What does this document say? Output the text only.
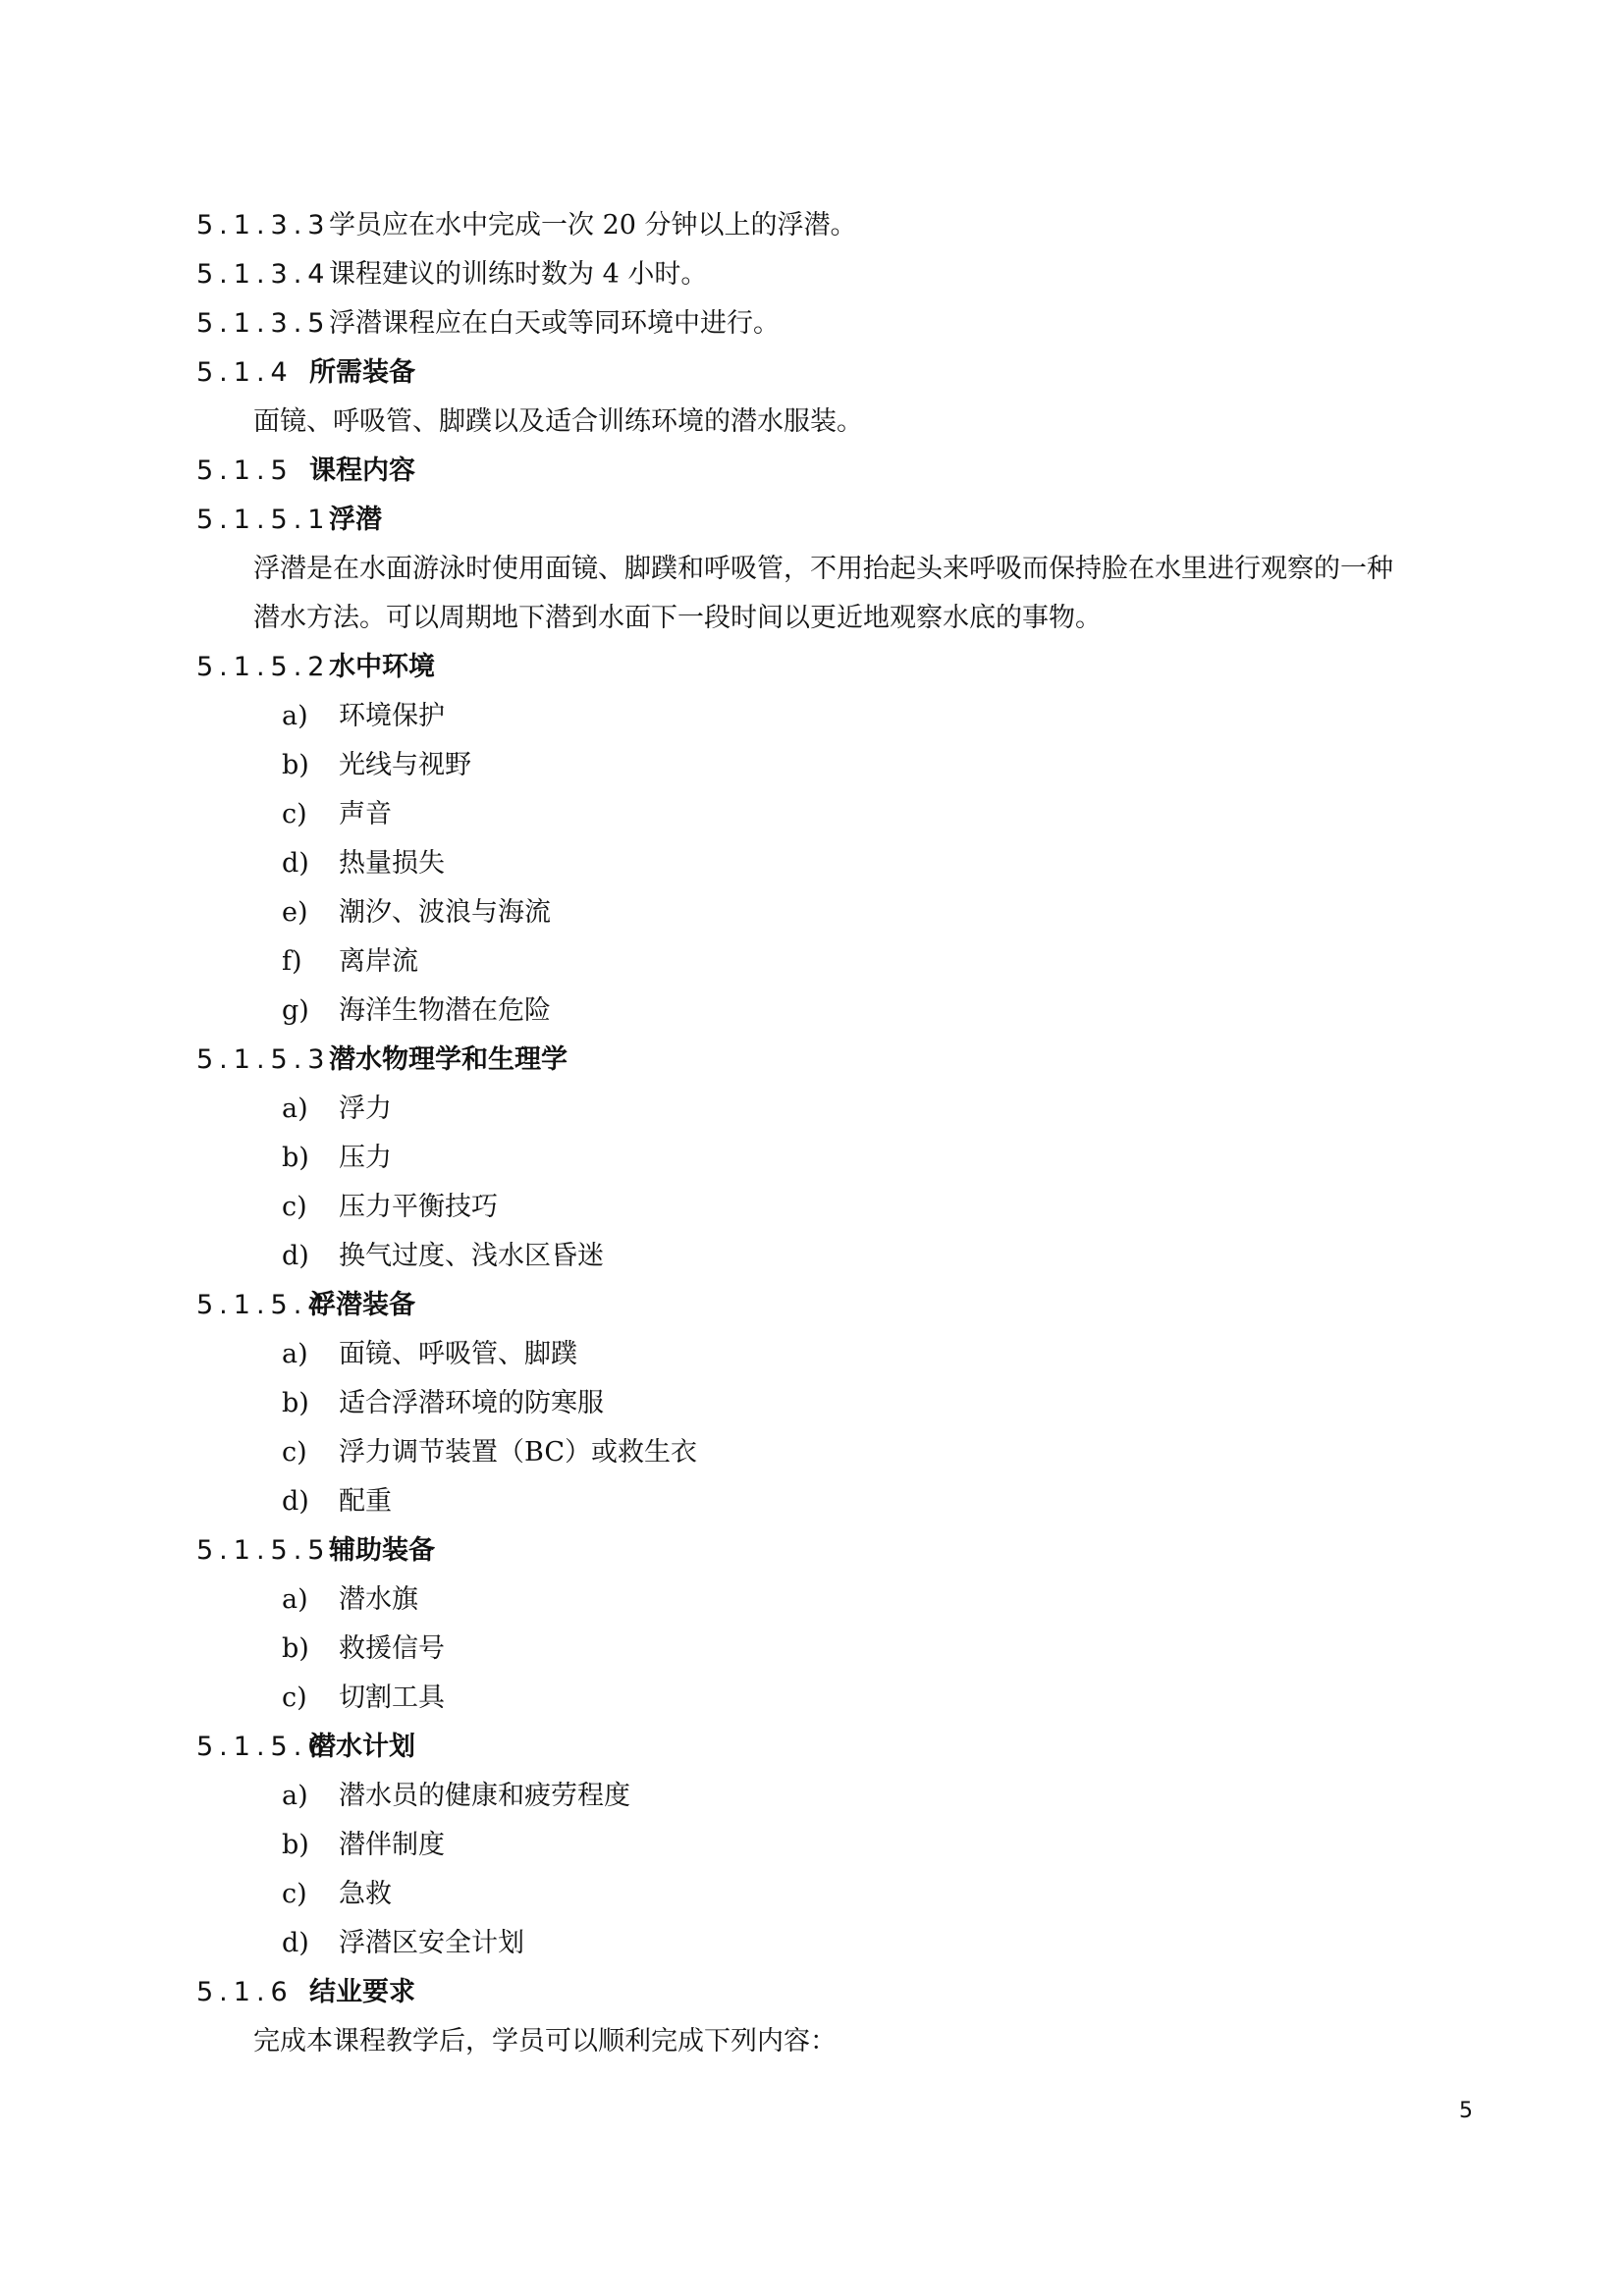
5.1.3.3学员应在水中完成一次 20 分钟以上的浮潜。
5.1.3.4课程建议的训练时数为 4 小时。
5.1.3.5浮潜课程应在白天或等同环境中进行。
5.1.4 所需装备
面镜、呼吸管、脚蹼以及适合训练环境的潜水服装。
5.1.5 课程内容
5.1.5.1浮潜
浮潜是在水面游泳时使用面镜、脚蹼和呼吸管，不用抬起头来呼吸而保持脸在水里进行观察的一种
潜水方法。可以周期地下潜到水面下一段时间以更近地观察水底的事物。
5.1.5.2水中环境
a) 环境保护
b) 光线与视野
c) 声音
d) 热量损失
e) 潮汐、波浪与海流
f) 离岸流
g) 海洋生物潜在危险
5.1.5.3潜水物理学和生理学
a) 浮力
b) 压力
c) 压力平衡技巧
d) 换气过度、浅水区昏迷
5.1.5.4浮潜装备
a) 面镜、呼吸管、脚蹼
b) 适合浮潜环境的防寒服
c) 浮力调节装置（BC）或救生衣
d) 配重
5.1.5.5辅助装备
a) 潜水旗
b) 救援信号
c) 切割工具
5.1.5.6潜水计划
a) 潜水员的健康和疲劳程度
b) 潜伴制度
c) 急救
d) 浮潜区安全计划
5.1.6 结业要求
完成本课程教学后，学员可以顺利完成下列内容：
5
